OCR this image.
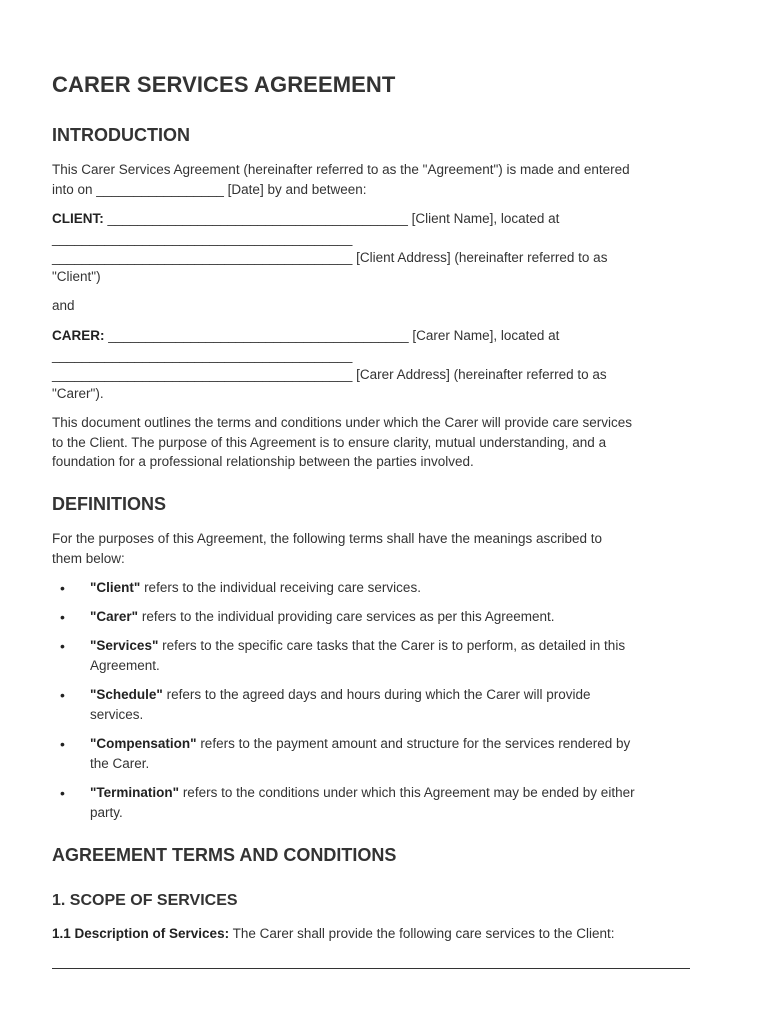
CARER SERVICES AGREEMENT
INTRODUCTION
This Carer Services Agreement (hereinafter referred to as the "Agreement") is made and entered
into on _________________ [Date] by and between:
CLIENT: ________________________________________ [Client Name], located at
________________________________________
________________________________________ [Client Address] (hereinafter referred to as
"Client")
and
CARER: ________________________________________ [Carer Name], located at
________________________________________
________________________________________ [Carer Address] (hereinafter referred to as
"Carer").
This document outlines the terms and conditions under which the Carer will provide care services
to the Client. The purpose of this Agreement is to ensure clarity, mutual understanding, and a
foundation for a professional relationship between the parties involved.
DEFINITIONS
For the purposes of this Agreement, the following terms shall have the meanings ascribed to
them below:
• "Client" refers to the individual receiving care services.
• "Carer" refers to the individual providing care services as per this Agreement.
• "Services" refers to the specific care tasks that the Carer is to perform, as detailed in this
Agreement.
• "Schedule" refers to the agreed days and hours during which the Carer will provide
services.
• "Compensation" refers to the payment amount and structure for the services rendered by
the Carer.
• "Termination" refers to the conditions under which this Agreement may be ended by either
party.
AGREEMENT TERMS AND CONDITIONS
1. SCOPE OF SERVICES
1.1 Description of Services: The Carer shall provide the following care services to the Client:
